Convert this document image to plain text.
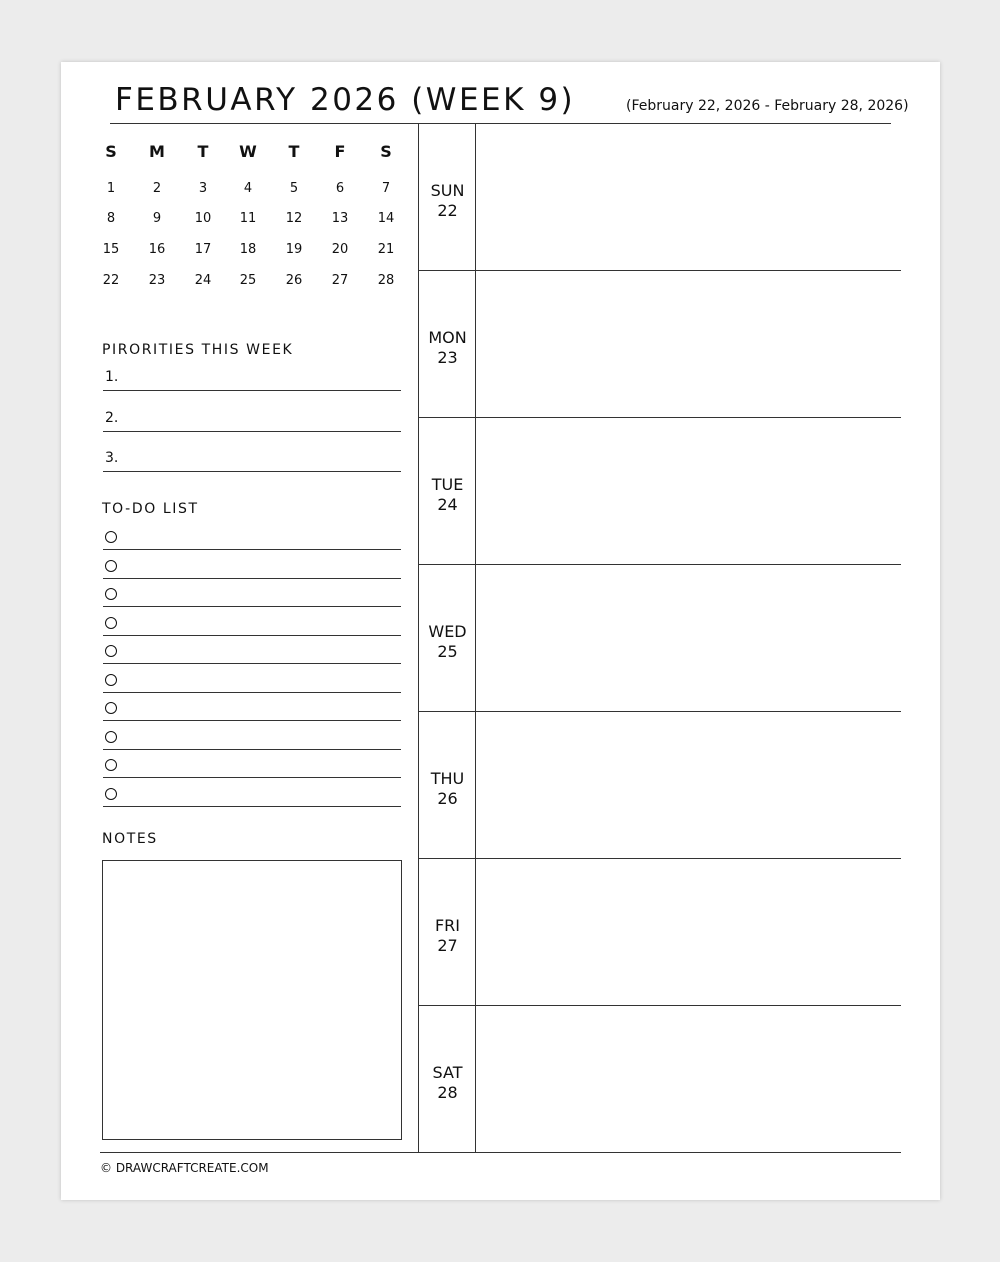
FEBRUARY 2026 (WEEK 9)	(February 22, 2026 - February 28, 2026)
S	M	T	W	T	F	S
1	2	3	4	5	6	7
8	9	10	11	12	13	14
15	16	17	18	19	20	21
22	23	24	25	26	27	28
PIRORITIES THIS WEEK
1.
2.
3.
TO-DO LIST
NOTES
SUN
22
MON
23
TUE
24
WED
25
THU
26
FRI
27
SAT
28
© DRAWCRAFTCREATE.COM
